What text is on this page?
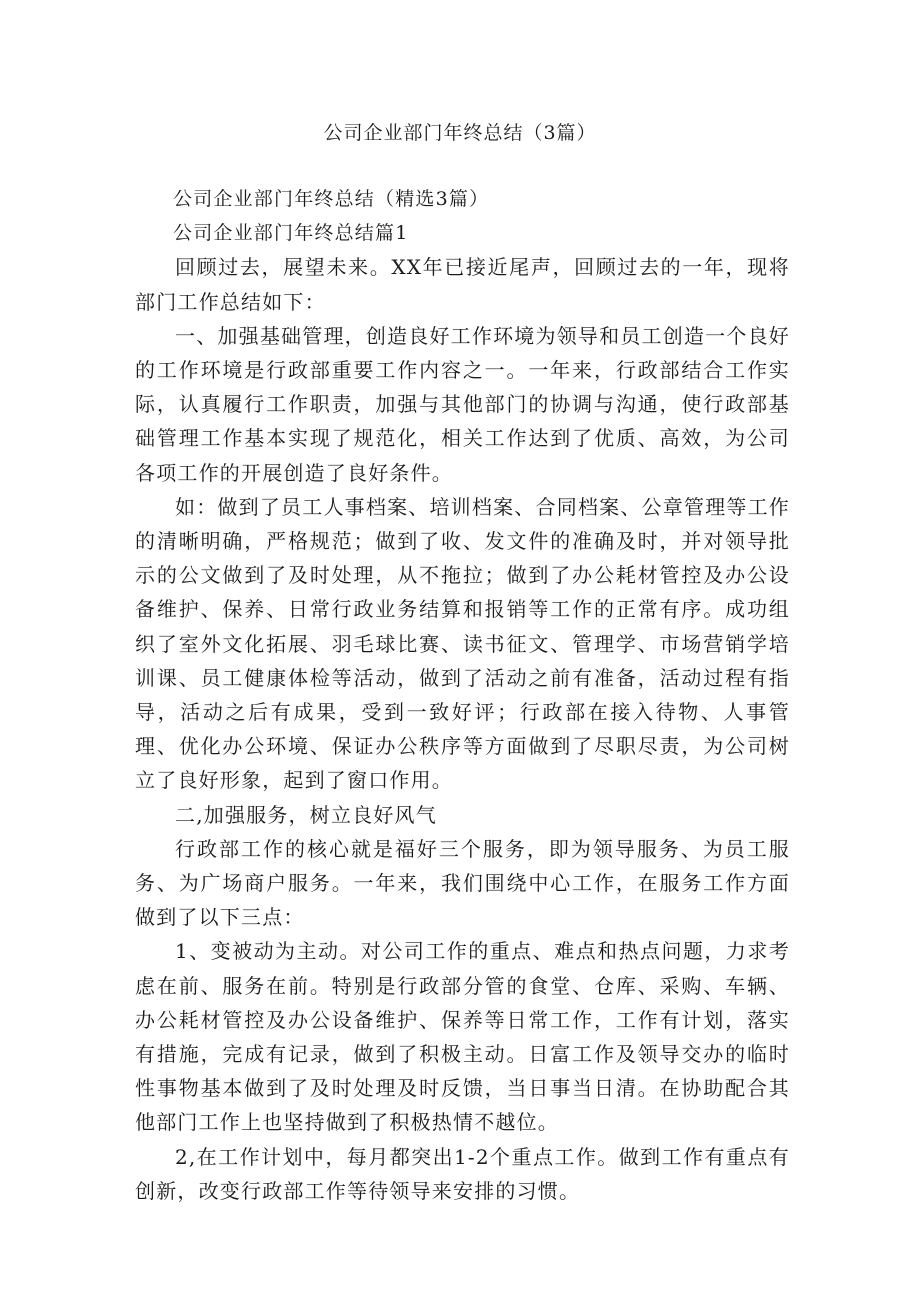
公司企业部门年终总结（3篇）

公司企业部门年终总结（精选3篇）

公司企业部门年终总结篇1

回顾过去，展望未来。XX年已接近尾声，回顾过去的一年，现将部门工作总结如下：

一、加强基础管理，创造良好工作环境为领导和员工创造一个良好的工作环境是行政部重要工作内容之一。一年来，行政部结合工作实际，认真履行工作职责，加强与其他部门的协调与沟通，使行政部基础管理工作基本实现了规范化，相关工作达到了优质、高效，为公司各项工作的开展创造了良好条件。

如：做到了员工人事档案、培训档案、合同档案、公章管理等工作的清晰明确，严格规范；做到了收、发文件的准确及时，并对领导批示的公文做到了及时处理，从不拖拉；做到了办公耗材管控及办公设备维护、保养、日常行政业务结算和报销等工作的正常有序。成功组织了室外文化拓展、羽毛球比赛、读书征文、管理学、市场营销学培训课、员工健康体检等活动，做到了活动之前有准备，活动过程有指导，活动之后有成果，受到一致好评；行政部在接入待物、人事管理、优化办公环境、保证办公秩序等方面做到了尽职尽责，为公司树立了良好形象，起到了窗口作用。

二,加强服务，树立良好风气

行政部工作的核心就是福好三个服务，即为领导服务、为员工服务、为广场商户服务。一年来，我们围绕中心工作，在服务工作方面做到了以下三点：

1、变被动为主动。对公司工作的重点、难点和热点问题，力求考虑在前、服务在前。特别是行政部分管的食堂、仓库、采购、车辆、办公耗材管控及办公设备维护、保养等日常工作，工作有计划，落实有措施，完成有记录，做到了积极主动。日富工作及领导交办的临时性事物基本做到了及时处理及时反馈，当日事当日清。在协助配合其他部门工作上也坚持做到了积极热情不越位。

2,在工作计划中，每月都突出1-2个重点工作。做到工作有重点有创新，改变行政部工作等待领导来安排的习惯。
